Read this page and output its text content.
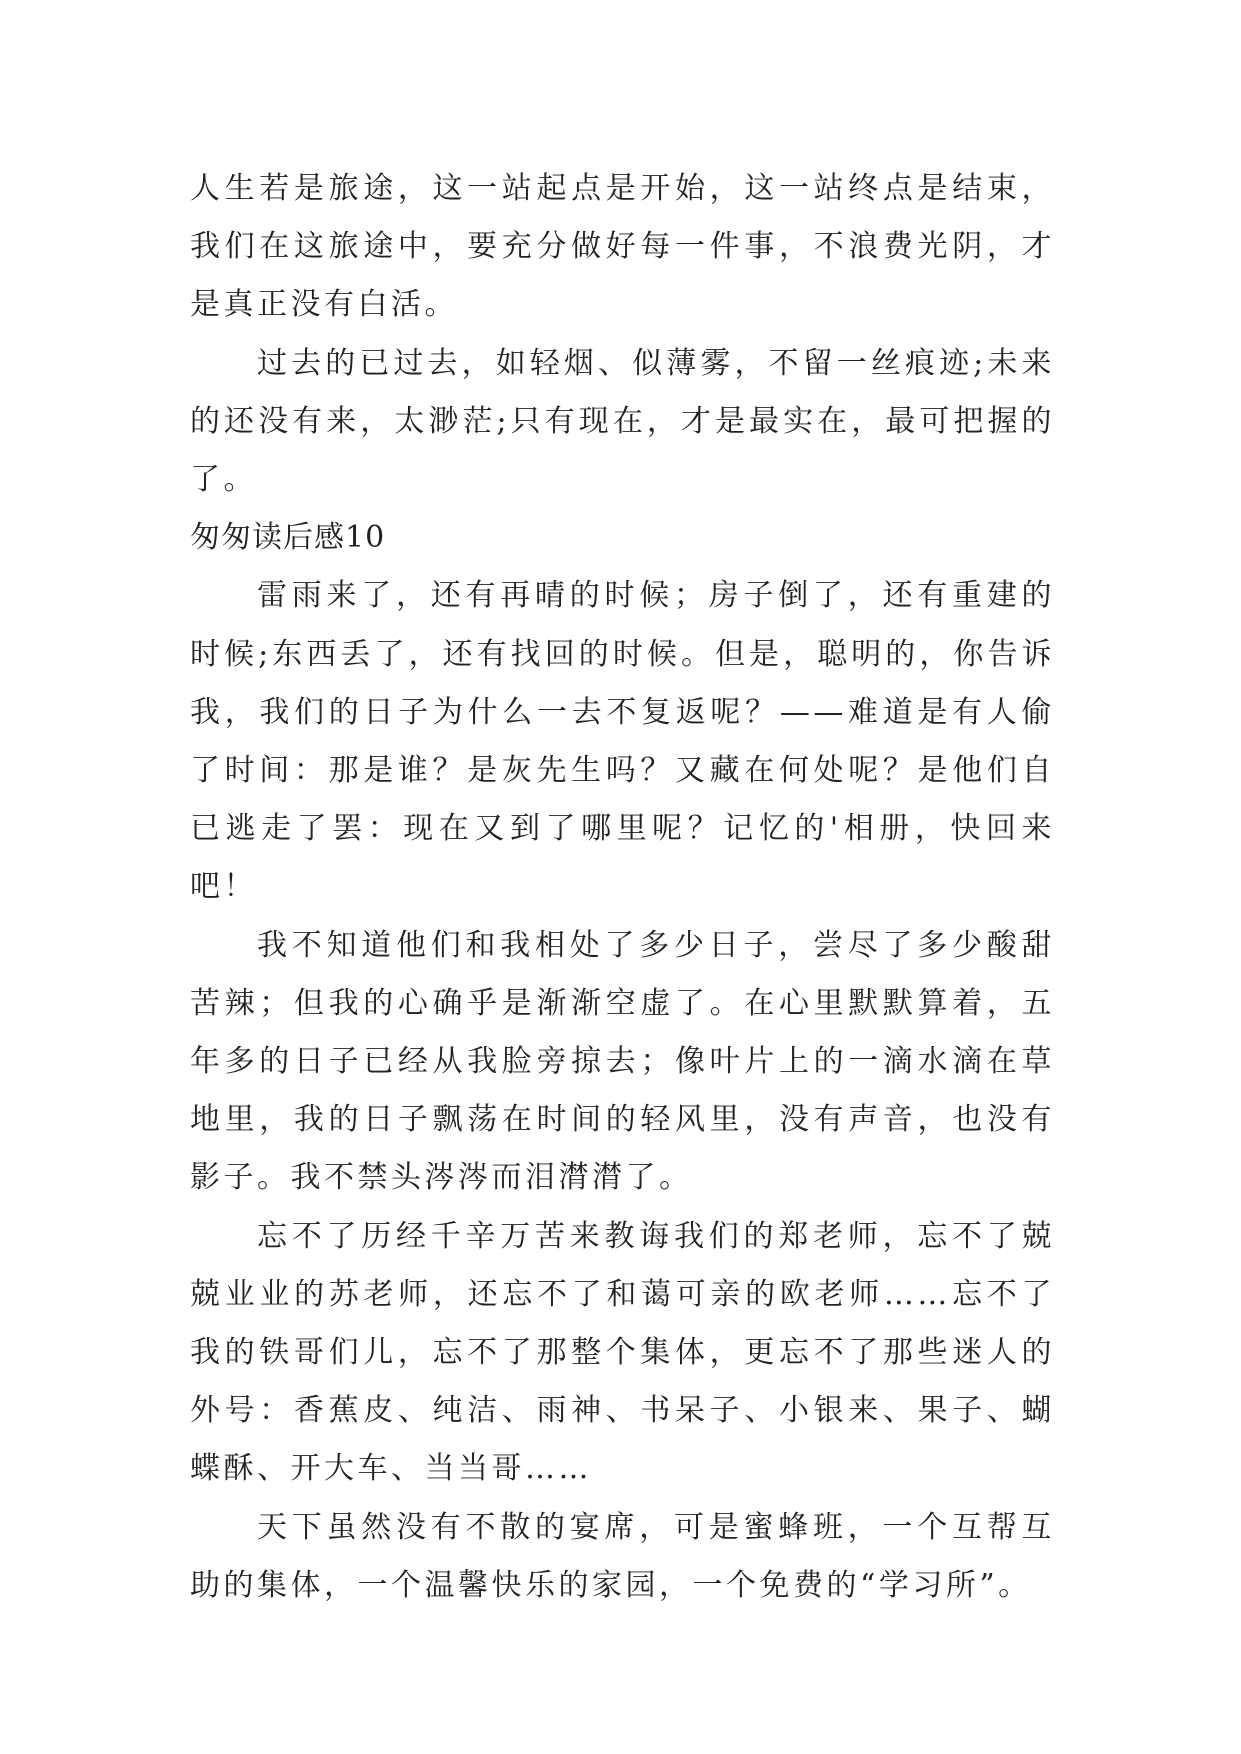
人生若是旅途，这一站起点是开始，这一站终点是结束，我们在这旅途中，要充分做好每一件事，不浪费光阴，才是真正没有白活。

过去的已过去，如轻烟、似薄雾，不留一丝痕迹;未来的还没有来，太渺茫;只有现在，才是最实在，最可把握的了。

匆匆读后感10

雷雨来了，还有再晴的时候；房子倒了，还有重建的时候;东西丢了，还有找回的时候。但是，聪明的，你告诉我，我们的日子为什么一去不复返呢？——难道是有人偷了时间：那是谁？是灰先生吗？又藏在何处呢？是他们自已逃走了罢：现在又到了哪里呢？记忆的'相册，快回来吧！

我不知道他们和我相处了多少日子，尝尽了多少酸甜苦辣；但我的心确乎是渐渐空虚了。在心里默默算着，五年多的日子已经从我脸旁掠去；像叶片上的一滴水滴在草地里，我的日子飘荡在时间的轻风里，没有声音，也没有影子。我不禁头涔涔而泪潸潸了。

忘不了历经千辛万苦来教诲我们的郑老师，忘不了兢兢业业的苏老师，还忘不了和蔼可亲的欧老师……忘不了我的铁哥们儿，忘不了那整个集体，更忘不了那些迷人的外号：香蕉皮、纯洁、雨神、书呆子、小银来、果子、蝴蝶酥、开大车、当当哥……

天下虽然没有不散的宴席，可是蜜蜂班，一个互帮互助的集体，一个温馨快乐的家园，一个免费的“学习所”。
